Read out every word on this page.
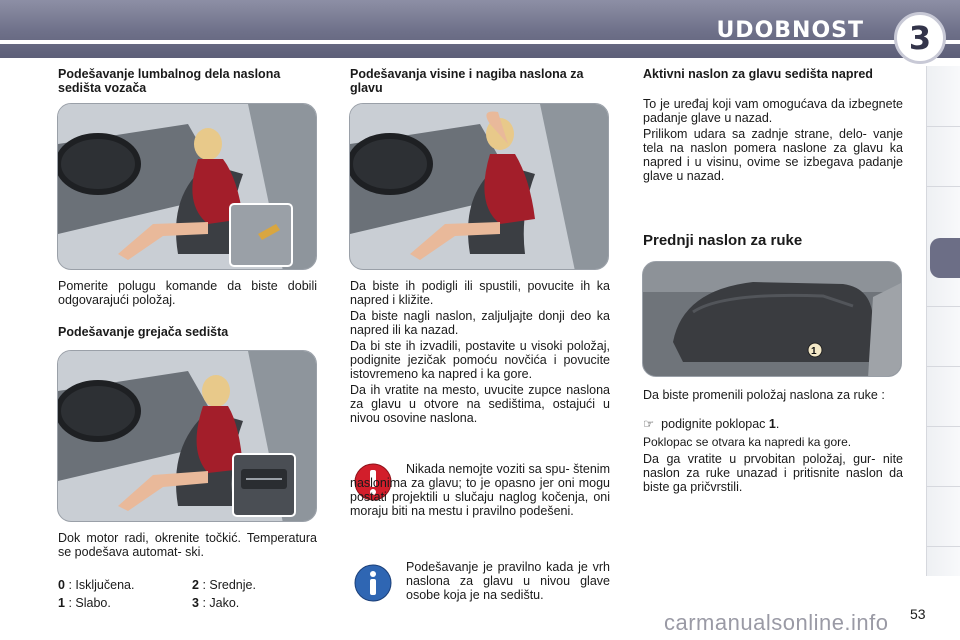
UDOBNOST 3
Podešavanje lumbalnog dela naslona sedišta vozača
Pomerite polugu komande da biste dobili odgovarajući položaj.
Podešavanje grejača sedišta
Dok motor radi, okrenite točkić. Temperatura se podešava automat- ski.
0 : Isključena.	2 : Srednje.
1 : Slabo.	3 : Jako.
Podešavanja visine i nagiba naslona za glavu

Da biste ih podigli ili spustili, povucite ih ka napred i kližite.

Da biste nagli naslon, zaljuljajte donji deo ka napred ili ka nazad.

Da bi ste ih izvadili, postavite u visoki položaj, podignite jezičak pomoću novčića i povucite istovremeno ka napred i ka gore.

Da ih vratite na mesto, uvucite zupce naslona za glavu u otvore na sedištima, ostajući u nivou osovine naslona.

Nikada nemojte voziti sa spu- štenim naslonima za glavu; to je opasno jer oni mogu postati projektili u slučaju naglog kočenja, oni moraju biti na mestu i pravilno podešeni.
Podešavanje je pravilno kada je vrh naslona za glavu u nivou glave osobe koja je na sedištu.
Aktivni naslon za glavu sedišta napred

To je uređaj koji vam omogućava da izbegnete padanje glave u nazad.

Prilikom udara sa zadnje strane, delo- vanje tela na naslon pomera naslone za glavu ka napred i u visinu, ovime se izbegava padanje glave u nazad.

Prednji naslon za ruke
1
Da biste promenili položaj naslona za ruke :
☞ podignite poklopac 1.
Poklopac se otvara ka napredi ka gore.
Da ga vratite u prvobitan položaj, gur- nite naslon za ruke unazad i pritisnite naslon da biste ga pričvrstili.
carmanualsonline.info 53
